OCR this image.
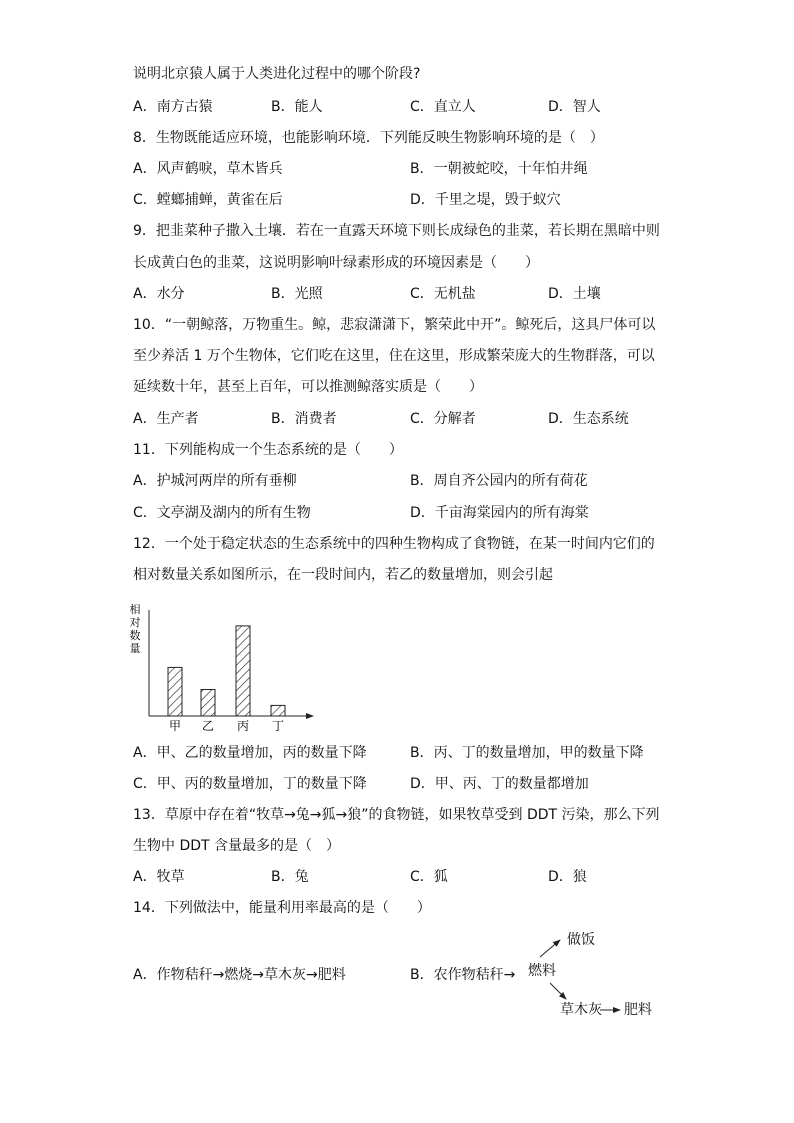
说明北京猿人属于人类进化过程中的哪个阶段?
A．南方古猿	B．能人	C．直立人	D．智人
8．生物既能适应环境，也能影响环境．下列能反映生物影响环境的是（　）
A．风声鹤唳，草木皆兵	B．一朝被蛇咬，十年怕井绳
C．螳螂捕蝉，黄雀在后	D．千里之堤，毁于蚁穴
9．把韭菜种子撒入土壤．若在一直露天环境下则长成绿色的韭菜，若长期在黑暗中则
长成黄白色的韭菜，这说明影响叶绿素形成的环境因素是（　　）
A．水分	B．光照	C．无机盐	D．土壤
10．“一朝鲸落，万物重生。鲸，悲寂潇潇下，繁荣此中开”。鲸死后，这具尸体可以
至少养活 1 万个生物体，它们吃在这里，住在这里，形成繁荣庞大的生物群落，可以
延续数十年，甚至上百年，可以推测鲸落实质是（　　）
A．生产者	B．消费者	C．分解者	D．生态系统
11．下列能构成一个生态系统的是（　　）
A．护城河两岸的所有垂柳	B．周自齐公园内的所有荷花
C．文亭湖及湖内的所有生物	D．千亩海棠园内的所有海棠
12．一个处于稳定状态的生态系统中的四种生物构成了食物链，在某一时间内它们的
相对数量关系如图所示，在一段时间内，若乙的数量增加，则会引起
相
对
数
量
甲 乙 丙 丁
A．甲、乙的数量增加，丙的数量下降	B．丙、丁的数量增加，甲的数量下降
C．甲、丙的数量增加，丁的数量下降	D．甲、丙、丁的数量都增加
13．草原中存在着“牧草→兔→狐→狼”的食物链，如果牧草受到 DDT 污染，那么下列
生物中 DDT 含量最多的是（　）
A．牧草	B．兔	C．狐	D．狼
14．下列做法中，能量利用率最高的是（　　）
A．作物秸秆→燃烧→草木灰→肥料	B．农作物秸秆→
做饭
燃料
草木灰 肥料
